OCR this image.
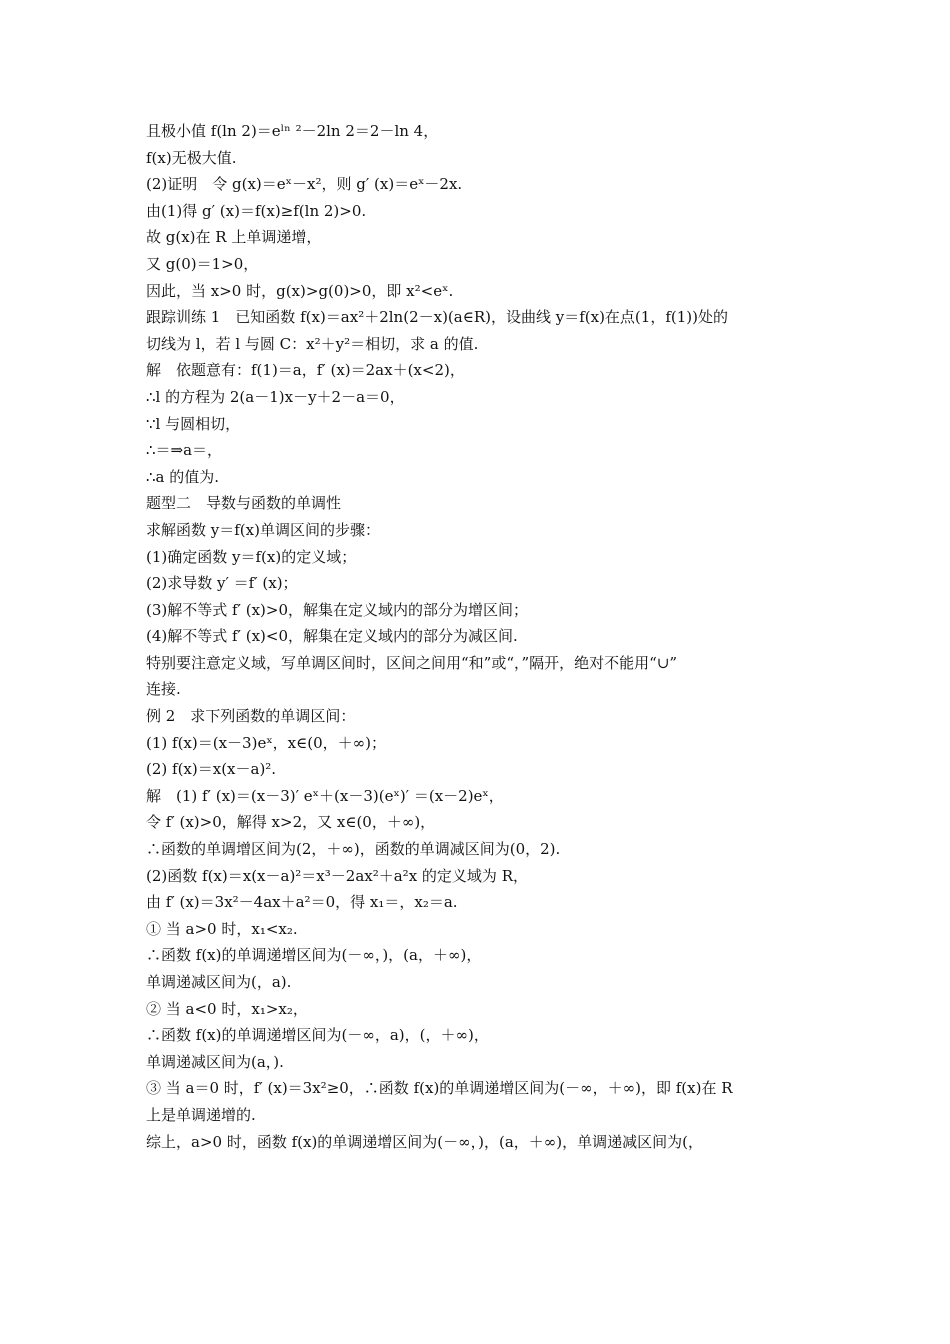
且极小值 f(ln 2)＝eˡⁿ ²－2ln 2＝2－ln 4，
f(x)无极大值.
(2)证明　令 g(x)＝eˣ－x²，则 g′ (x)＝eˣ－2x.
由(1)得 g′ (x)＝f(x)≥f(ln 2)>0.
故 g(x)在 R 上单调递增，
又 g(0)＝1>0，
因此，当 x>0 时，g(x)>g(0)>0，即 x²<eˣ.
跟踪训练 1　已知函数 f(x)＝ax²＋2ln(2－x)(a∈R)，设曲线 y＝f(x)在点(1，f(1))处的
切线为 l，若 l 与圆 C：x²＋y²＝相切，求 a 的值.
解　依题意有：f(1)＝a，f′ (x)＝2ax＋(x<2)，
∴l 的方程为 2(a－1)x－y＋2－a＝0，
∵l 与圆相切，
∴＝⇒a＝，
∴a 的值为.
题型二　导数与函数的单调性
求解函数 y＝f(x)单调区间的步骤：
(1)确定函数 y＝f(x)的定义域；
(2)求导数 y′ ＝f′ (x)；
(3)解不等式 f′ (x)>0，解集在定义域内的部分为增区间；
(4)解不等式 f′ (x)<0，解集在定义域内的部分为减区间.
特别要注意定义域，写单调区间时，区间之间用“和”或“，”隔开，绝对不能用“∪”
连接.
例 2　求下列函数的单调区间：
(1) f(x)＝(x－3)eˣ，x∈(0，＋∞)；
(2) f(x)＝x(x－a)².
解　(1) f′ (x)＝(x－3)′ eˣ＋(x－3)(eˣ)′ ＝(x－2)eˣ，
令 f′ (x)>0，解得 x>2，又 x∈(0，＋∞)，
∴函数的单调增区间为(2，＋∞)，函数的单调减区间为(0，2).
(2)函数 f(x)＝x(x－a)²＝x³－2ax²＋a²x 的定义域为 R，
由 f′ (x)＝3x²－4ax＋a²＝0，得 x₁＝，x₂＝a.
① 当 a>0 时，x₁<x₂.
∴函数 f(x)的单调递增区间为(－∞，)，(a，＋∞)，
单调递减区间为(，a).
② 当 a<0 时，x₁>x₂，
∴函数 f(x)的单调递增区间为(－∞，a)，(，＋∞)，
单调递减区间为(a，).
③ 当 a＝0 时，f′ (x)＝3x²≥0，∴函数 f(x)的单调递增区间为(－∞，＋∞)，即 f(x)在 R
上是单调递增的.
综上，a>0 时，函数 f(x)的单调递增区间为(－∞，)，(a，＋∞)，单调递减区间为(，
